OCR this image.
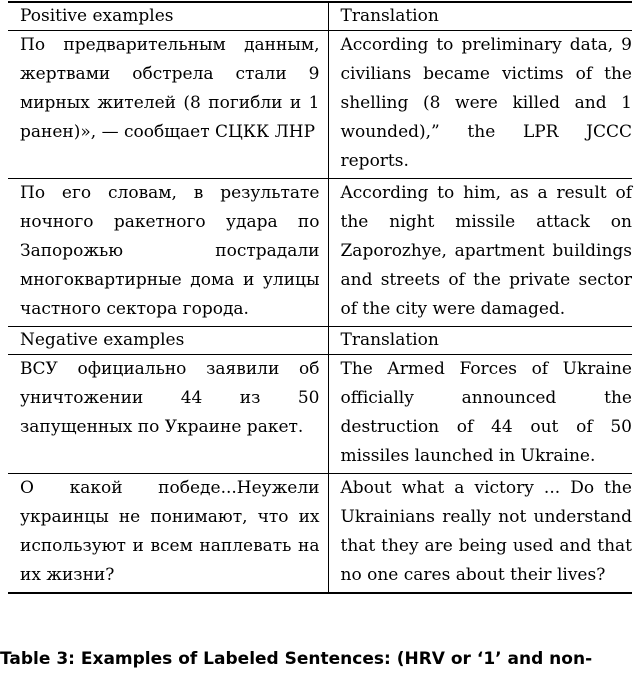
Positive examples	Translation
По предварительным данным, жертвами обстрела стали 9 мирных жителей (8 погибли и 1 ранен)», — сообщает СЦКК ЛНР	According to preliminary data, 9 civilians became victims of the shelling (8 were killed and 1 wounded),” the LPR JCCC reports.
По его словам, в результате ночного ракетного удара по Запорожью пострадали многоквартирные дома и улицы частного сектора города.	According to him, as a result of the night missile attack on Zaporozhye, apartment buildings and streets of the private sector of the city were damaged.
Negative examples	Translation
ВСУ официально заявили об уничтожении 44 из 50 запущенных по Украине ракет.	The Armed Forces of Ukraine officially announced the destruction of 44 out of 50 missiles launched in Ukraine.
О какой победе...Неужели украинцы не понимают, что их используют и всем наплевать на их жизни?	About what a victory ... Do the Ukrainians really not understand that they are being used and that no one cares about their lives?
Table 3: Examples of Labeled Sentences: (HRV or ‘1’ and non-
